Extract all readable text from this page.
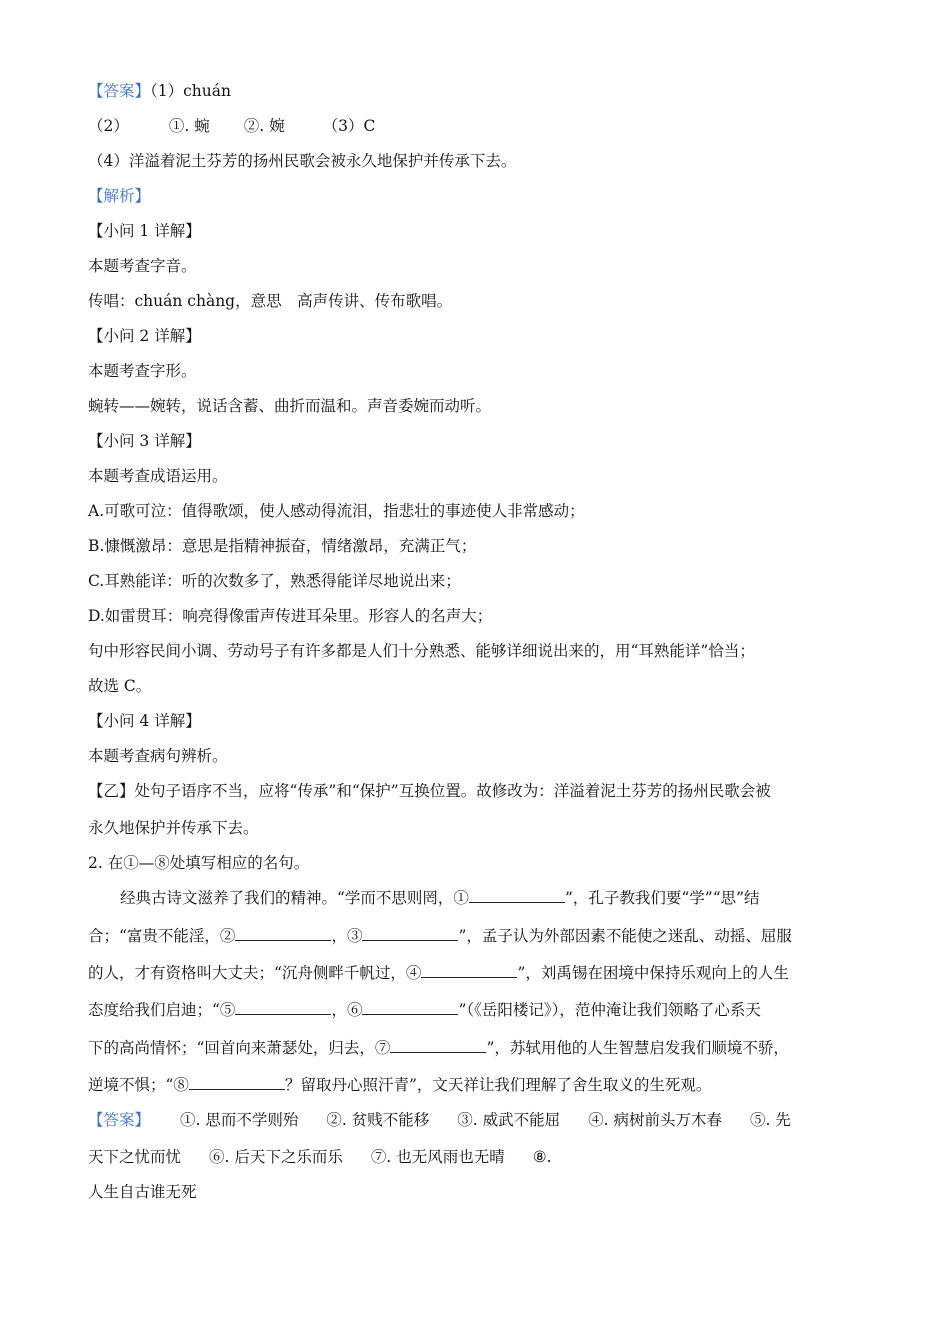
【答案】（1）chuán
（2）	①. 蜿 ②. 婉 （3）C
（4）洋溢着泥土芬芳的扬州民歌会被永久地保护并传承下去。
【解析】
【小问 1 详解】
本题考查字音。
传唱：chuán chàng，意思　高声传讲、传布歌唱。
【小问 2 详解】
本题考查字形。
蜿转——婉转，说话含蓄、曲折而温和。声音委婉而动听。
【小问 3 详解】
本题考查成语运用。
A.可歌可泣：值得歌颂，使人感动得流泪，指悲壮的事迹使人非常感动；
B.慷慨激昂：意思是指精神振奋，情绪激昂，充满正气；
C.耳熟能详：听的次数多了，熟悉得能详尽地说出来；
D.如雷贯耳：响亮得像雷声传进耳朵里。形容人的名声大；
句中形容民间小调、劳动号子有许多都是人们十分熟悉、能够详细说出来的，用“耳熟能详”恰当；
故选 C。
【小问 4 详解】
本题考查病句辨析。
【乙】处句子语序不当，应将“传承”和“保护”互换位置。故修改为：洋溢着泥土芬芳的扬州民歌会被
永久地保护并传承下去。
2. 在①—⑧处填写相应的名句。
经典古诗文滋养了我们的精神。“学而不思则罔，①	”，孔子教我们要“学”“思”结
合；“富贵不能淫，②	，③	”，孟子认为外部因素不能使之迷乱、动摇、屈服
的人，才有资格叫大丈夫；“沉舟侧畔千帆过，④	”，刘禹锡在困境中保持乐观向上的人生
态度给我们启迪；“⑤	，⑥	”（《岳阳楼记》），范仲淹让我们领略了心系天
下的高尚情怀；“回首向来萧瑟处，归去，⑦	”，苏轼用他的人生智慧启发我们顺境不骄，
逆境不惧；“⑧	？留取丹心照汗青”，文天祥让我们理解了舍生取义的生死观。
【答案】 ①. 思而不学则殆 ②. 贫贱不能移 ③. 威武不能屈 ④. 病树前头万木春 ⑤. 先
天下之忧而忧 ⑥. 后天下之乐而乐 ⑦. 也无风雨也无晴 ⑧.
人生自古谁无死
